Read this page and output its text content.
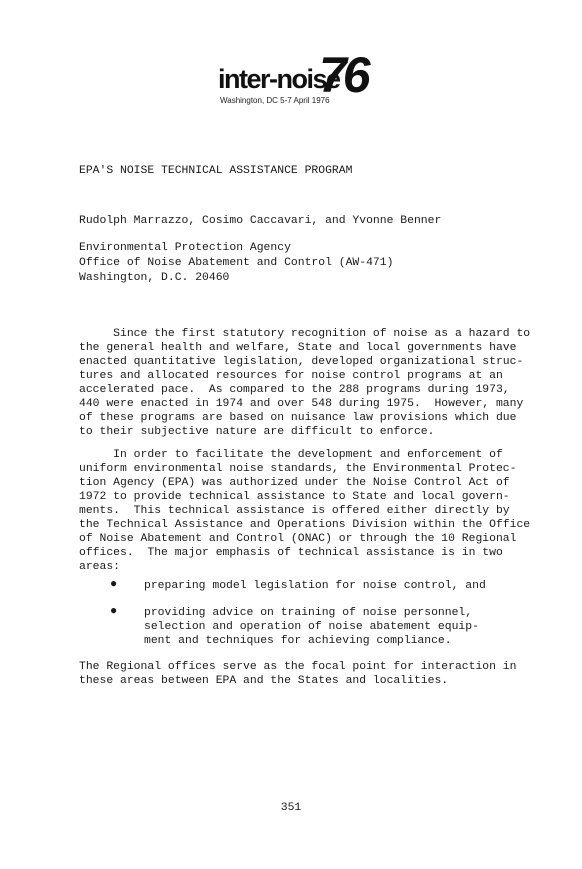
inter-noise
76
Washington, DC 5-7 April 1976

EPA'S NOISE TECHNICAL ASSISTANCE PROGRAM

Rudolph Marrazzo, Cosimo Caccavari, and Yvonne Benner

Environmental Protection Agency

Office of Noise Abatement and Control (AW-471)

Washington, D.C. 20460

Since the first statutory recognition of noise as a hazard to

the general health and welfare, State and local governments have

enacted quantitative legislation, developed organizational struc-

tures and allocated resources for noise control programs at an

accelerated pace.  As compared to the 288 programs during 1973,

440 were enacted in 1974 and over 548 during 1975.  However, many

of these programs are based on nuisance law provisions which due

to their subjective nature are difficult to enforce.

In order to facilitate the development and enforcement of

uniform environmental noise standards, the Environmental Protec-

tion Agency (EPA) was authorized under the Noise Control Act of

1972 to provide technical assistance to State and local govern-

ments.  This technical assistance is offered either directly by

the Technical Assistance and Operations Division within the Office

of Noise Abatement and Control (ONAC) or through the 10 Regional

offices.  The major emphasis of technical assistance is in two

areas:

● preparing model legislation for noise control, and

● providing advice on training of noise personnel,

selection and operation of noise abatement equip-

ment and techniques for achieving compliance.

The Regional offices serve as the focal point for interaction in

these areas between EPA and the States and localities.

351
